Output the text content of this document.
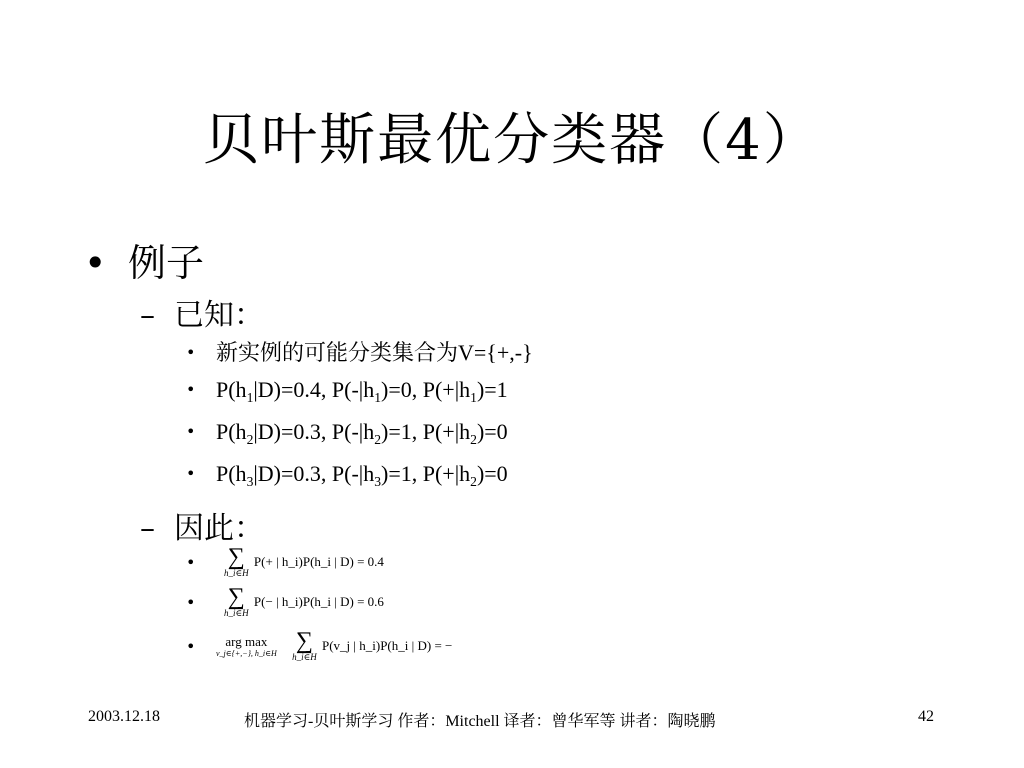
贝叶斯最优分类器（4）
• 例子
– 已知：
• 新实例的可能分类集合为V={+,-}
• $P(h_1|D)=0.4$, $P(-|h_1)=0$, $P(+|h_1)=1$
• $P(h_2|D)=0.3$, $P(-|h_2)=1$, $P(+|h_2)=0$
• $P(h_3|D)=0.3$, $P(-|h_3)=1$, $P(+|h_2)=0$
– 因此：
•	∑
h_i∈H
P(+ | h_i)P(h_i | D) = 0.4
•	∑
h_i∈H
P(− | h_i)P(h_i | D) = 0.6
•	arg max
v_j∈{+,−}, h_i∈H
∑
h_i∈H
P(v_j | h_i)P(h_i | D) = −
2003.12.18	机器学习-贝叶斯学习 作者：Mitchell 译者：曾华军等 讲者：陶晓鹏	42
